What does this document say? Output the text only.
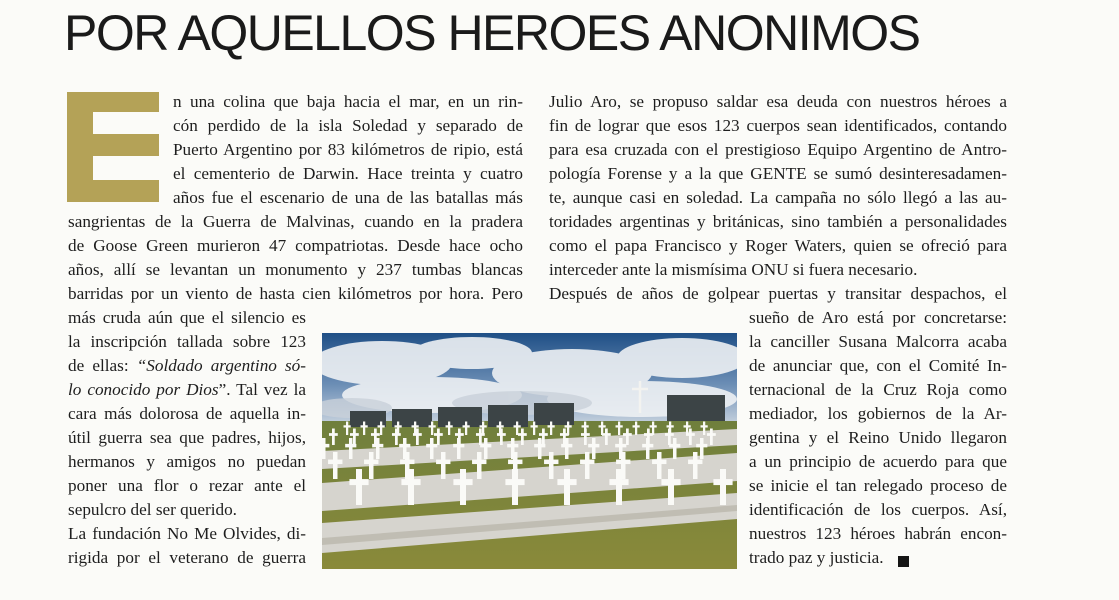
POR AQUELLOS HEROES ANONIMOS
n una colina que baja hacia el mar, en un rin-
cón perdido de la isla Soledad y separado de
Puerto Argentino por 83 kilómetros de ripio, está
el cementerio de Darwin. Hace treinta y cuatro
años fue el escenario de una de las batallas más
sangrientas de la Guerra de Malvinas, cuando en la pradera
de Goose Green murieron 47 compatriotas. Desde hace ocho
años, allí se levantan un monumento y 237 tumbas blancas
barridas por un viento de hasta cien kilómetros por hora. Pero
más cruda aún que el silencio es
la inscripción tallada sobre 123
de ellas: “Soldado argentino só-
lo conocido por Dios”. Tal vez la
cara más dolorosa de aquella in-
útil guerra sea que padres, hijos,
hermanos y amigos no puedan
poner una flor o rezar ante el
sepulcro del ser querido.
La fundación No Me Olvides, di-
rigida por el veterano de guerra
Julio Aro, se propuso saldar esa deuda con nuestros héroes a
fin de lograr que esos 123 cuerpos sean identificados, contando
para esa cruzada con el prestigioso Equipo Argentino de Antro-
pología Forense y a la que GENTE se sumó desinteresadamen-
te, aunque casi en soledad. La campaña no sólo llegó a las au-
toridades argentinas y británicas, sino también a personalidades
como el papa Francisco y Roger Waters, quien se ofreció para
interceder ante la mismísima ONU si fuera necesario.
Después de años de golpear puertas y transitar despachos, el
sueño de Aro está por concretarse:
la canciller Susana Malcorra acaba
de anunciar que, con el Comité In-
ternacional de la Cruz Roja como
mediador, los gobiernos de la Ar-
gentina y el Reino Unido llegaron
a un principio de acuerdo para que
se inicie el tan relegado proceso de
identificación de los cuerpos. Así,
nuestros 123 héroes habrán encon-
trado paz y justicia.
